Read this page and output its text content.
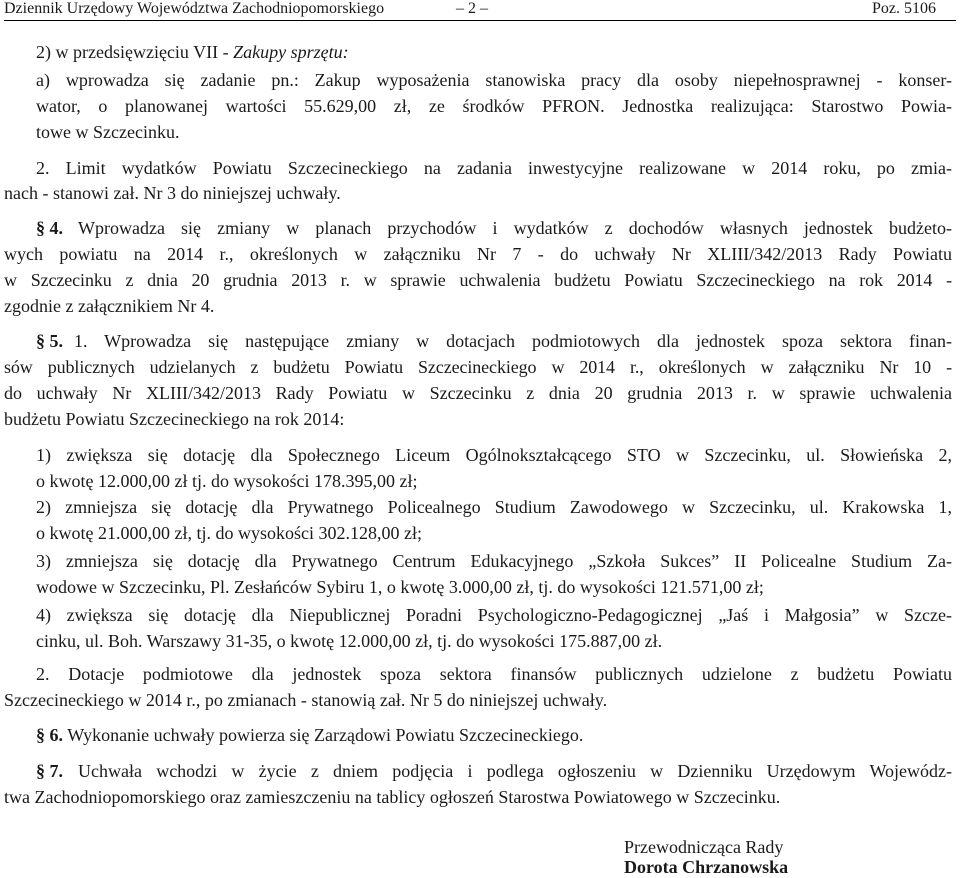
Dziennik Urzędowy Województwa Zachodniopomorskiego	– 2 –	Poz. 5106
2) w przedsięwzięciu VII - Zakupy sprzętu:
a) wprowadza się zadanie pn.: Zakup wyposażenia stanowiska pracy dla osoby niepełnosprawnej - konser-
wator, o planowanej wartości 55.629,00 zł, ze środków PFRON. Jednostka realizująca: Starostwo Powia-
towe w Szczecinku.
2. Limit wydatków Powiatu Szczecineckiego na zadania inwestycyjne realizowane w 2014 roku, po zmia-
nach - stanowi zał. Nr 3 do niniejszej uchwały.
§ 4. Wprowadza się zmiany w planach przychodów i wydatków z dochodów własnych jednostek budżeto-
wych powiatu na 2014 r., określonych w załączniku Nr 7 - do uchwały Nr XLIII/342/2013 Rady Powiatu
w Szczecinku z dnia 20 grudnia 2013 r. w sprawie uchwalenia budżetu Powiatu Szczecineckiego na rok 2014 -
zgodnie z załącznikiem Nr 4.
§ 5. 1. Wprowadza się następujące zmiany w dotacjach podmiotowych dla jednostek spoza sektora finan-
sów publicznych udzielanych z budżetu Powiatu Szczecineckiego w 2014 r., określonych w załączniku Nr 10 -
do uchwały Nr XLIII/342/2013 Rady Powiatu w Szczecinku z dnia 20 grudnia 2013 r. w sprawie uchwalenia
budżetu Powiatu Szczecineckiego na rok 2014:
1) zwiększa się dotację dla Społecznego Liceum Ogólnokształcącego STO w Szczecinku, ul. Słowieńska 2,
o kwotę 12.000,00 zł tj. do wysokości 178.395,00 zł;
2) zmniejsza się dotację dla Prywatnego Policealnego Studium Zawodowego w Szczecinku, ul. Krakowska 1,
o kwotę 21.000,00 zł, tj. do wysokości 302.128,00 zł;
3) zmniejsza się dotację dla Prywatnego Centrum Edukacyjnego „Szkoła Sukces” II Policealne Studium Za-
wodowe w Szczecinku, Pl. Zesłańców Sybiru 1, o kwotę 3.000,00 zł, tj. do wysokości 121.571,00 zł;
4) zwiększa się dotację dla Niepublicznej Poradni Psychologiczno-Pedagogicznej „Jaś i Małgosia” w Szcze-
cinku, ul. Boh. Warszawy 31-35, o kwotę 12.000,00 zł, tj. do wysokości 175.887,00 zł.
2. Dotacje podmiotowe dla jednostek spoza sektora finansów publicznych udzielone z budżetu Powiatu
Szczecineckiego w 2014 r., po zmianach - stanowią zał. Nr 5 do niniejszej uchwały.
§ 6. Wykonanie uchwały powierza się Zarządowi Powiatu Szczecineckiego.
§ 7. Uchwała wchodzi w życie z dniem podjęcia i podlega ogłoszeniu w Dzienniku Urzędowym Wojewódz-
twa Zachodniopomorskiego oraz zamieszczeniu na tablicy ogłoszeń Starostwa Powiatowego w Szczecinku.
Przewodnicząca Rady
Dorota Chrzanowska
